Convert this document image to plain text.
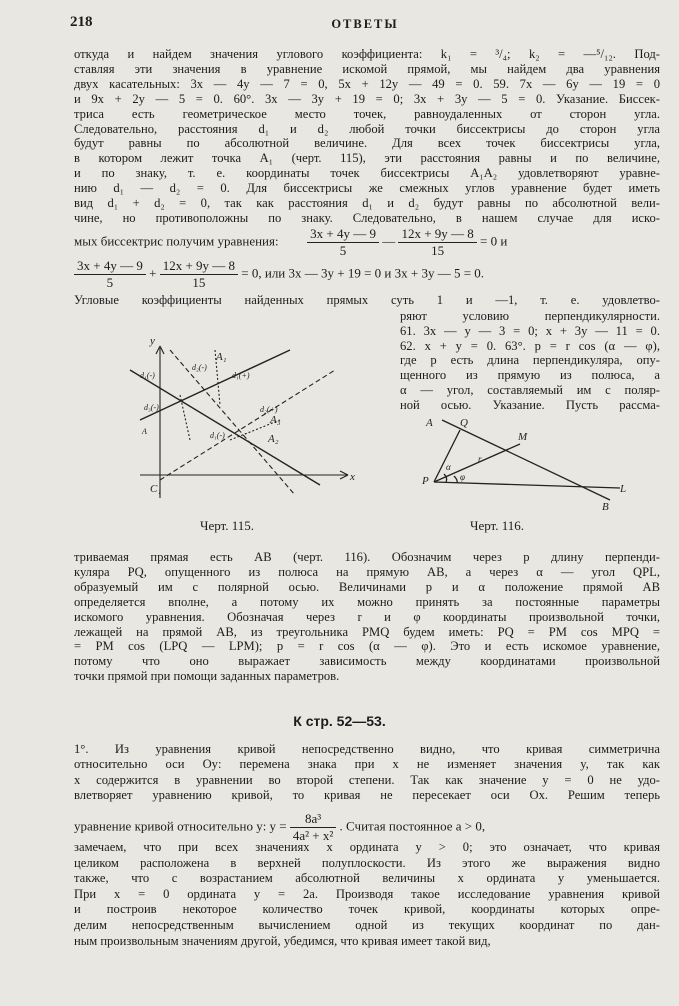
218	ОТВЕТЫ

откуда и найдем значения углового коэффициента: k₁ = ³/₄; k₂ = —⁵/₁₂. Под-

ставляя эти значения в уравнение искомой прямой, мы найдем два уравнения

двух касательных: 3x — 4y — 7 = 0, 5x + 12y — 49 = 0. 59. 7x — 6y — 19 = 0

и 9x + 2y — 5 = 0. 60°. 3x — 3y + 19 = 0; 3x + 3y — 5 = 0. Указание. Биссек-

триса есть геометрическое место точек, равноудаленных от сторон угла.

Следовательно, расстояния d₁ и d₂ любой точки биссектрисы до сторон угла

будут равны по абсолютной величине. Для всех точек биссектрисы угла,

в котором лежит точка A₁ (черт. 115), эти расстояния равны и по величине,

и по знаку, т. е. координаты точек биссектрисы A₁A₂ удовлетворяют уравне-

нию d₁ — d₂ = 0. Для биссектрисы же смежных углов уравнение будет иметь

вид d₁ + d₂ = 0, так как расстояния d₁ и d₂ будут равны по абсолютной вели-

чине, но противоположны по знаку. Следовательно, в нашем случае для иско-

мых биссектрис получим уравнения: $\frac{3x + 4y — 9}{5}$ — $\frac{12x + 9y — 8}{15} = 0$ и
$\frac{3x + 4y — 9}{5} + \frac{12x + 9y — 8}{15} = 0$, или 3x — 3y + 19 = 0 и 3x + 3y — 5 = 0.

Угловые коэффициенты найденных прямых суть 1 и —1, т. е. удовлетво-

ряют условию перпендикулярности.

61. 3x — y — 3 = 0; x + 3y — 11 = 0.

62. x + y = 0. 63°. p = r cos (α — φ),

где p есть длина перпендикуляра, опу-

щенного из прямую из полюса, а

α — угол, составляемый им с поляр-

ной осью. Указание. Пусть рассма-

y
x
A₁
A₃
A₂
C₁
d₁(-)
d₂(-)
d₁(+)
d₁(-)
d₂(+)
d₃(-)
A
Черт. 115.
A Q
M
P
L
B
α
r
φ
Черт. 116.

триваемая прямая есть AB (черт. 116). Обозначим через p длину перпенди-

куляра PQ, опущенного из полюса на прямую AB, а через α — угол QPL,

образуемый им с полярной осью. Величинами p и α положение прямой AB

определяется вполне, а потому их можно принять за постоянные параметры

искомого уравнения. Обозначая через r и φ координаты произвольной точки,

лежащей на прямой AB, из треугольника PMQ будем иметь: PQ = PM cos MPQ =

= PM cos (LPQ — LPM); p = r cos (α — φ). Это и есть искомое уравнение,

потому что оно выражает зависимость между координатами произвольной

точки прямой при помощи заданных параметров.

К стр. 52—53.

1°. Из уравнения кривой непосредственно видно, что кривая симметрична

относительно оси Oy: перемена знака при x не изменяет значения y, так как

x содержится в уравнении во второй степени. Так как значение y = 0 не удо-

влетворяет уравнению кривой, то кривая не пересекает оси Ox. Решим теперь

уравнение кривой относительно y: $y = \frac{\text{8a³}}{\text{4a² + x²}}$ . Считая постоянное a > 0,

замечаем, что при всех значениях x ордината y > 0; это означает, что кривая

целиком расположена в верхней полуплоскости. Из этого же выражения видно

также, что с возрастанием абсолютной величины x ордината y уменьшается.

При x = 0 ордината y = 2a. Производя такое исследование уравнения кривой

и построив некоторое количество точек кривой, координаты которых опре-

делим непосредственным вычислением одной из текущих координат по дан-

ным произвольным значениям другой, убедимся, что кривая имеет такой вид,
